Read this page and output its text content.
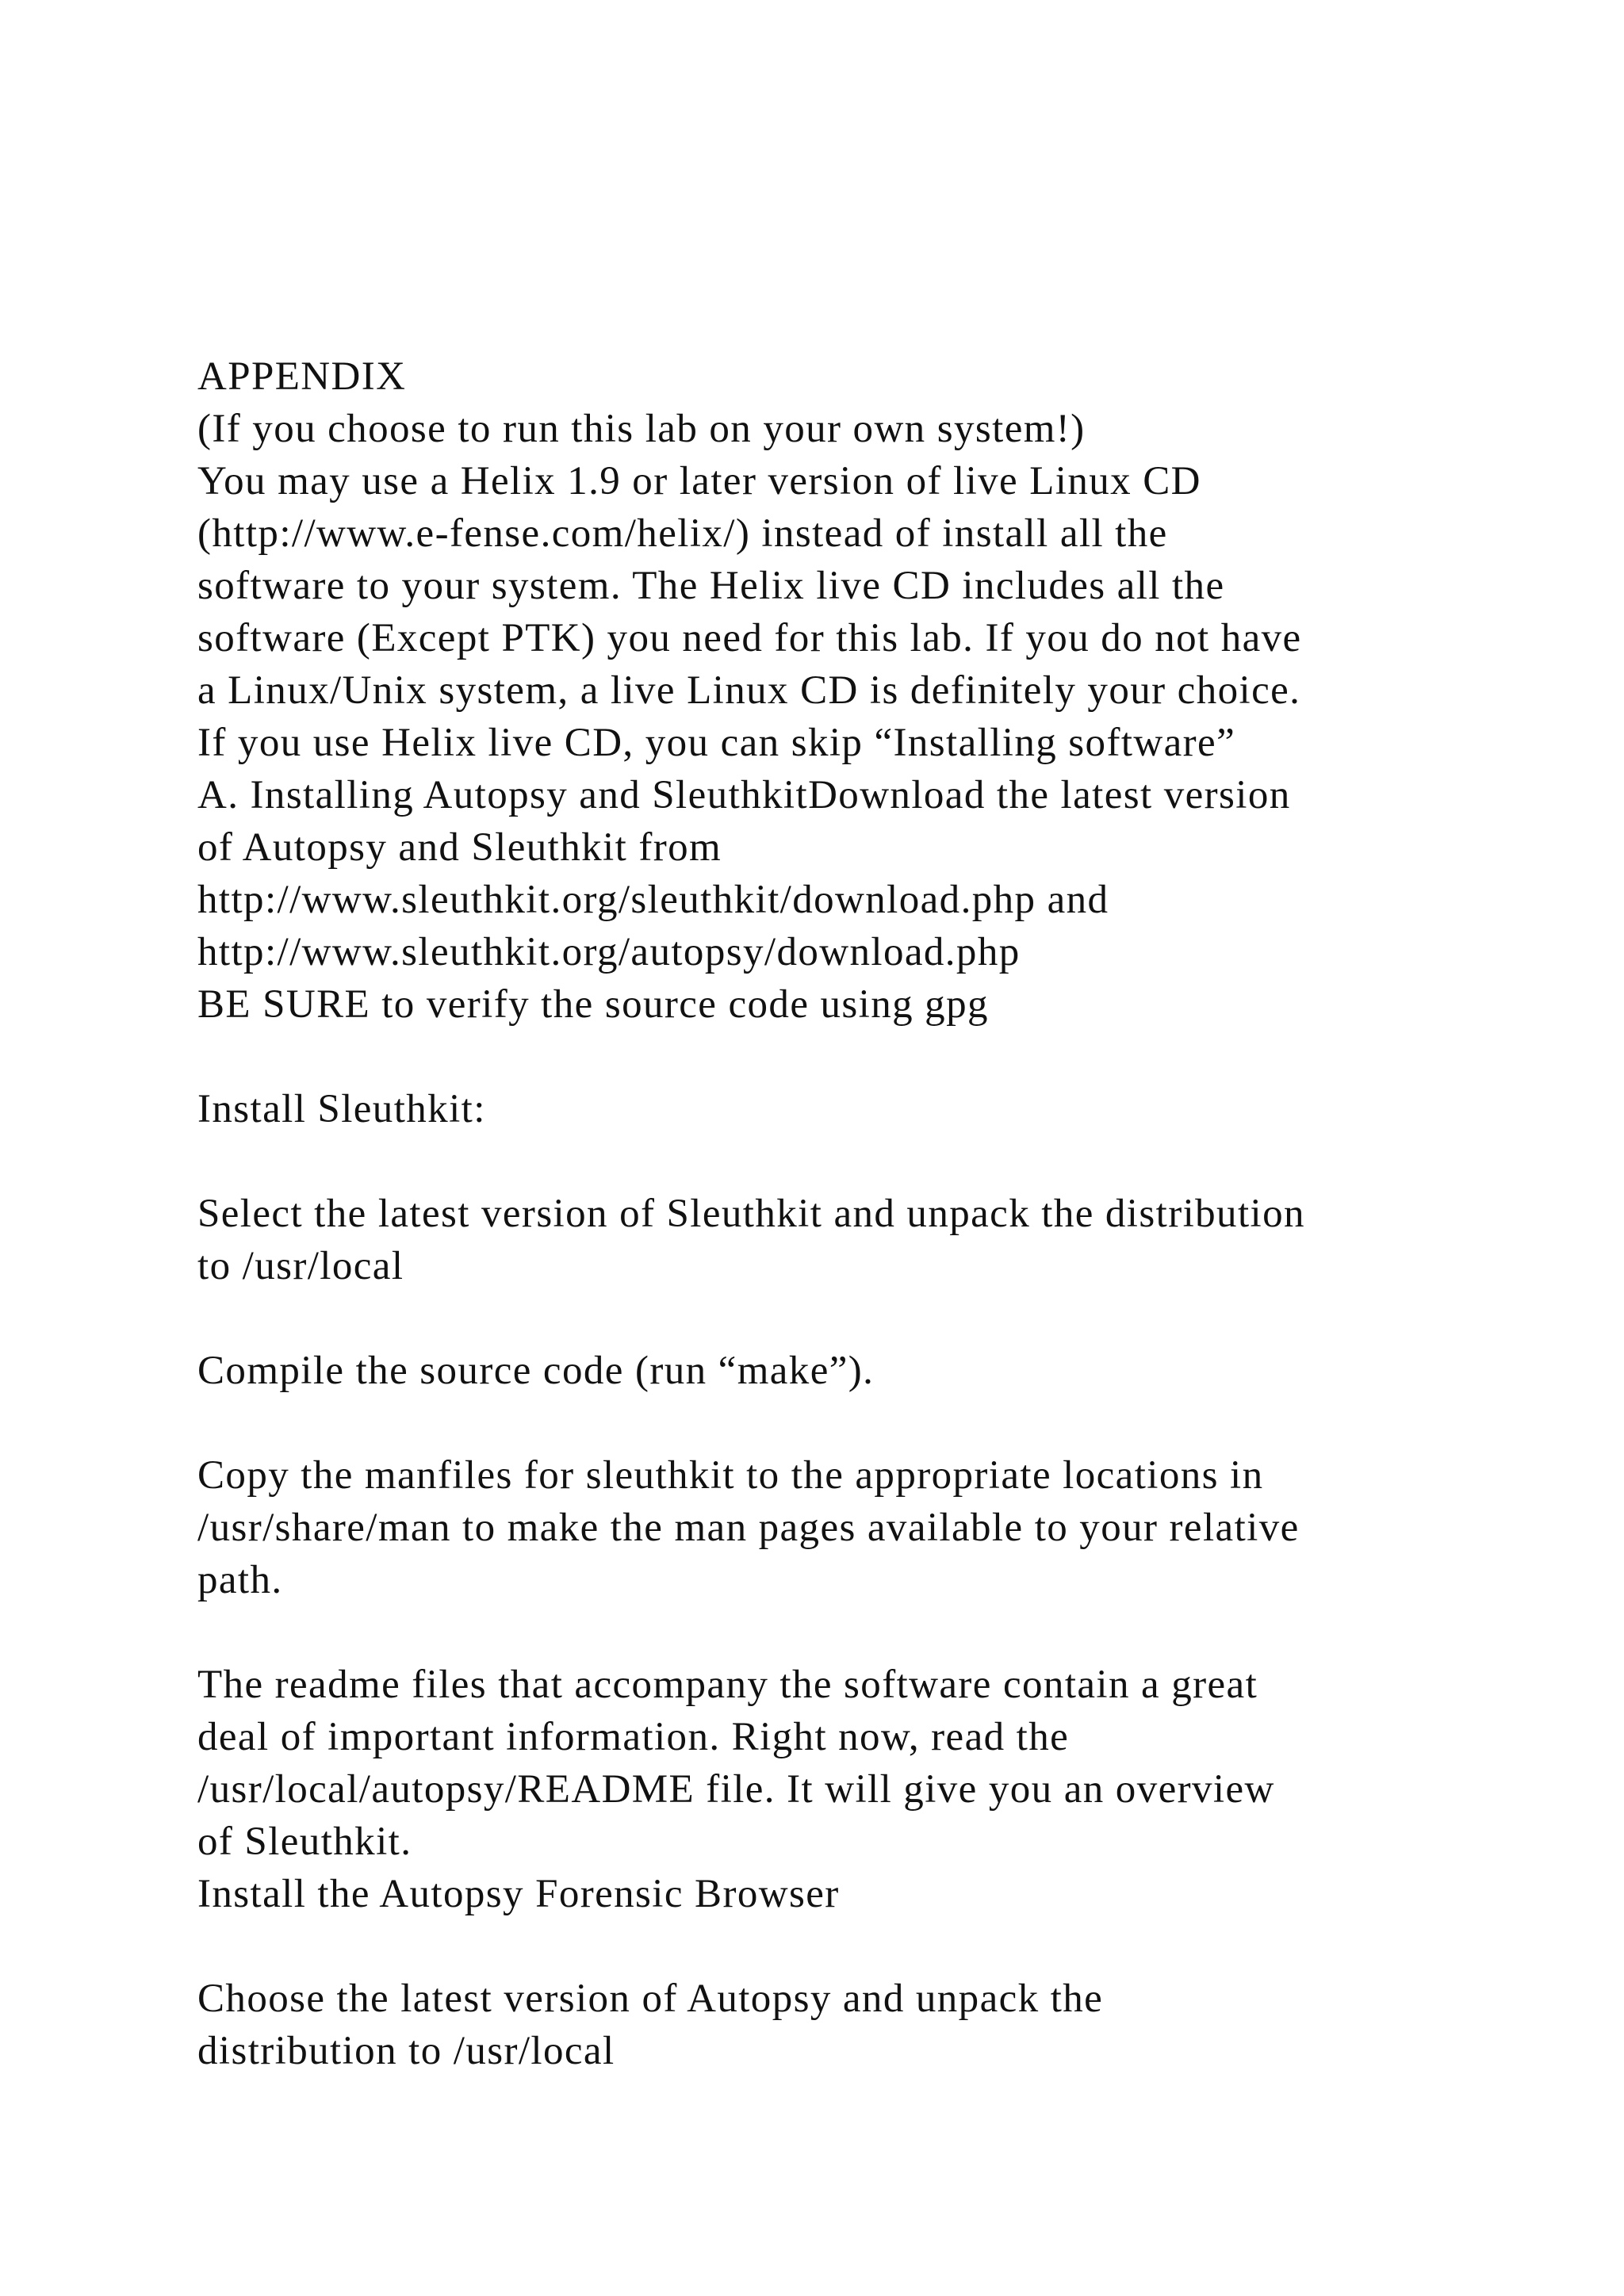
APPENDIX
(If you choose to run this lab on your own system!)
You may use a Helix 1.9 or later version of live Linux CD
(http://www.e-fense.com/helix/) instead of install all the
software to your system. The Helix live CD includes all the
software (Except PTK) you need for this lab. If you do not have
a Linux/Unix system, a live Linux CD is definitely your choice.
If you use Helix live CD, you can skip “Installing software”
A. Installing Autopsy and SleuthkitDownload the latest version
of Autopsy and Sleuthkit from
http://www.sleuthkit.org/sleuthkit/download.php and
http://www.sleuthkit.org/autopsy/download.php
BE SURE to verify the source code using gpg
Install Sleuthkit:
Select the latest version of Sleuthkit and unpack the distribution
to /usr/local
Compile the source code (run “make”).
Copy the manfiles for sleuthkit to the appropriate locations in
/usr/share/man to make the man pages available to your relative
path.
The readme files that accompany the software contain a great
deal of important information. Right now, read the
/usr/local/autopsy/README file. It will give you an overview
of Sleuthkit.
Install the Autopsy Forensic Browser
Choose the latest version of Autopsy and unpack the
distribution to /usr/local
